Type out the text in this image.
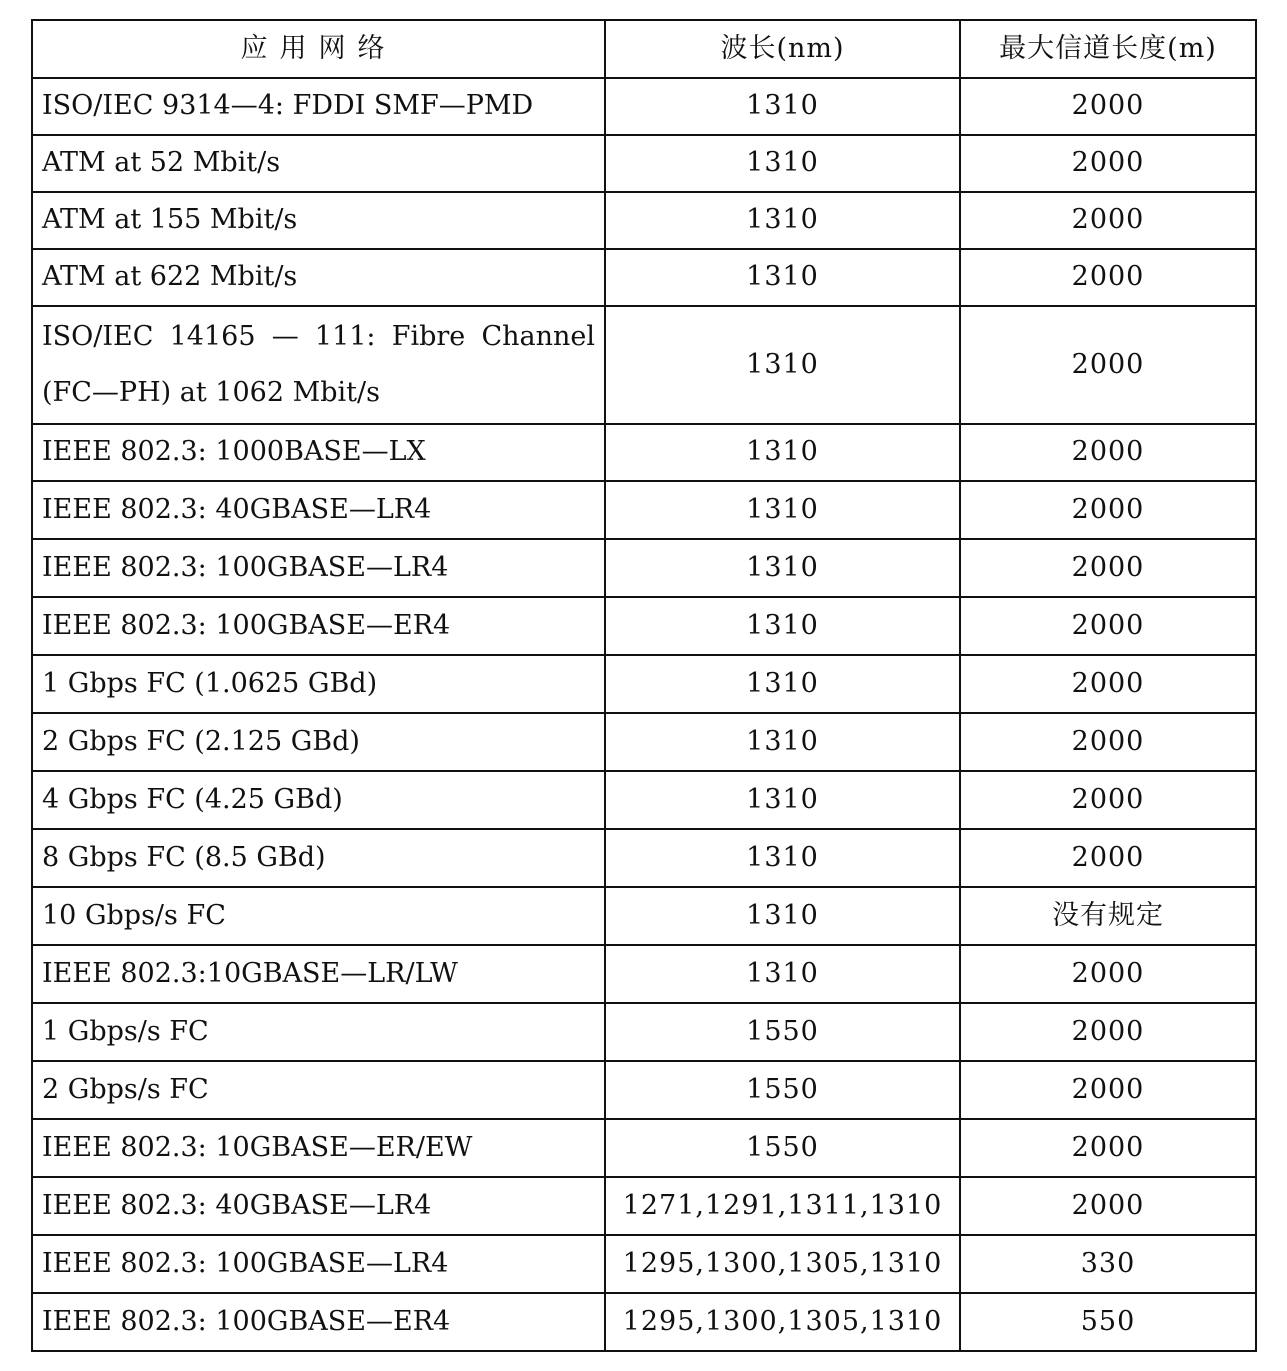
应用网络	波长(nm)	最大信道长度(m)
ISO/IEC 9314—4: FDDI SMF—PMD	1310	2000
ATM at 52 Mbit/s	1310	2000
ATM at 155 Mbit/s	1310	2000
ATM at 622 Mbit/s	1310	2000
ISO/IEC 14165 — 111: Fibre Channel (FC—PH) at 1062 Mbit/s	1310	2000
IEEE 802.3: 1000BASE—LX	1310	2000
IEEE 802.3: 40GBASE—LR4	1310	2000
IEEE 802.3: 100GBASE—LR4	1310	2000
IEEE 802.3: 100GBASE—ER4	1310	2000
1 Gbps FC (1.0625 GBd)	1310	2000
2 Gbps FC (2.125 GBd)	1310	2000
4 Gbps FC (4.25 GBd)	1310	2000
8 Gbps FC (8.5 GBd)	1310	2000
10 Gbps/s FC	1310	没有规定
IEEE 802.3:10GBASE—LR/LW	1310	2000
1 Gbps/s FC	1550	2000
2 Gbps/s FC	1550	2000
IEEE 802.3: 10GBASE—ER/EW	1550	2000
IEEE 802.3: 40GBASE—LR4	1271,1291,1311,1310	2000
IEEE 802.3: 100GBASE—LR4	1295,1300,1305,1310	330
IEEE 802.3: 100GBASE—ER4	1295,1300,1305,1310	550
